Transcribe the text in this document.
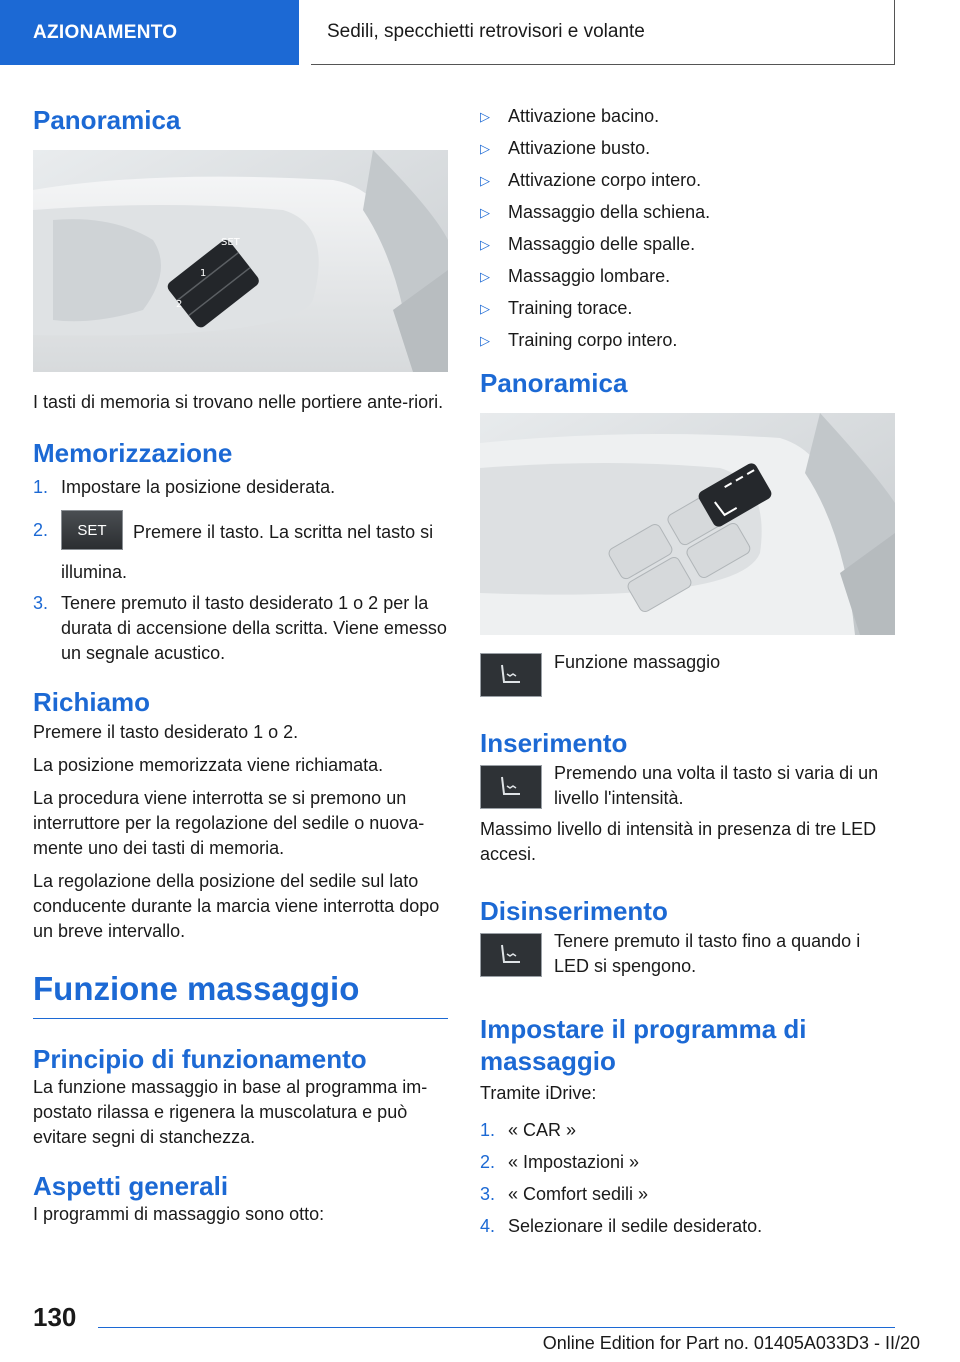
AZIONAMENTO	Sedili, specchietti retrovisori e volante
Panoramica
SET
1
2

I tasti di memoria si trovano nelle portiere ante-riori.

Memorizzazione
1. Impostare la posizione desiderata.
2.	SET Premere il tasto. La scritta nel tasto si illumina.
3. Tenere premuto il tasto desiderato 1 o 2 per la durata di accensione della scritta. Viene emesso un segnale acustico.
Richiamo

Premere il tasto desiderato 1 o 2.

La posizione memorizzata viene richiamata.

La procedura viene interrotta se si premono un interruttore per la regolazione del sedile o nuova-mente uno dei tasti di memoria.

La regolazione della posizione del sedile sul lato conducente durante la marcia viene interrotta dopo un breve intervallo.

Funzione massaggio
Principio di funzionamento

La funzione massaggio in base al programma im-postato rilassa e rigenera la muscolatura e può evitare segni di stanchezza.

Aspetti generali

I programmi di massaggio sono otto:

▷	Attivazione bacino.
▷	Attivazione busto.
▷	Attivazione corpo intero.
▷	Massaggio della schiena.
▷	Massaggio delle spalle.
▷	Massaggio lombare.
▷	Training torace.
▷	Training corpo intero.
Panoramica

Funzione massaggio

Inserimento

Premendo una volta il tasto si varia di un livello l'intensità.

Massimo livello di intensità in presenza di tre LED accesi.

Disinserimento

Tenere premuto il tasto fino a quando i LED si spengono.

Impostare il programma di massaggio

Tramite iDrive:

1. « CAR »
2. « Impostazioni »
3. « Comfort sedili »
4. Selezionare il sedile desiderato.
130
Online Edition for Part no. 01405A033D3 - II/20
